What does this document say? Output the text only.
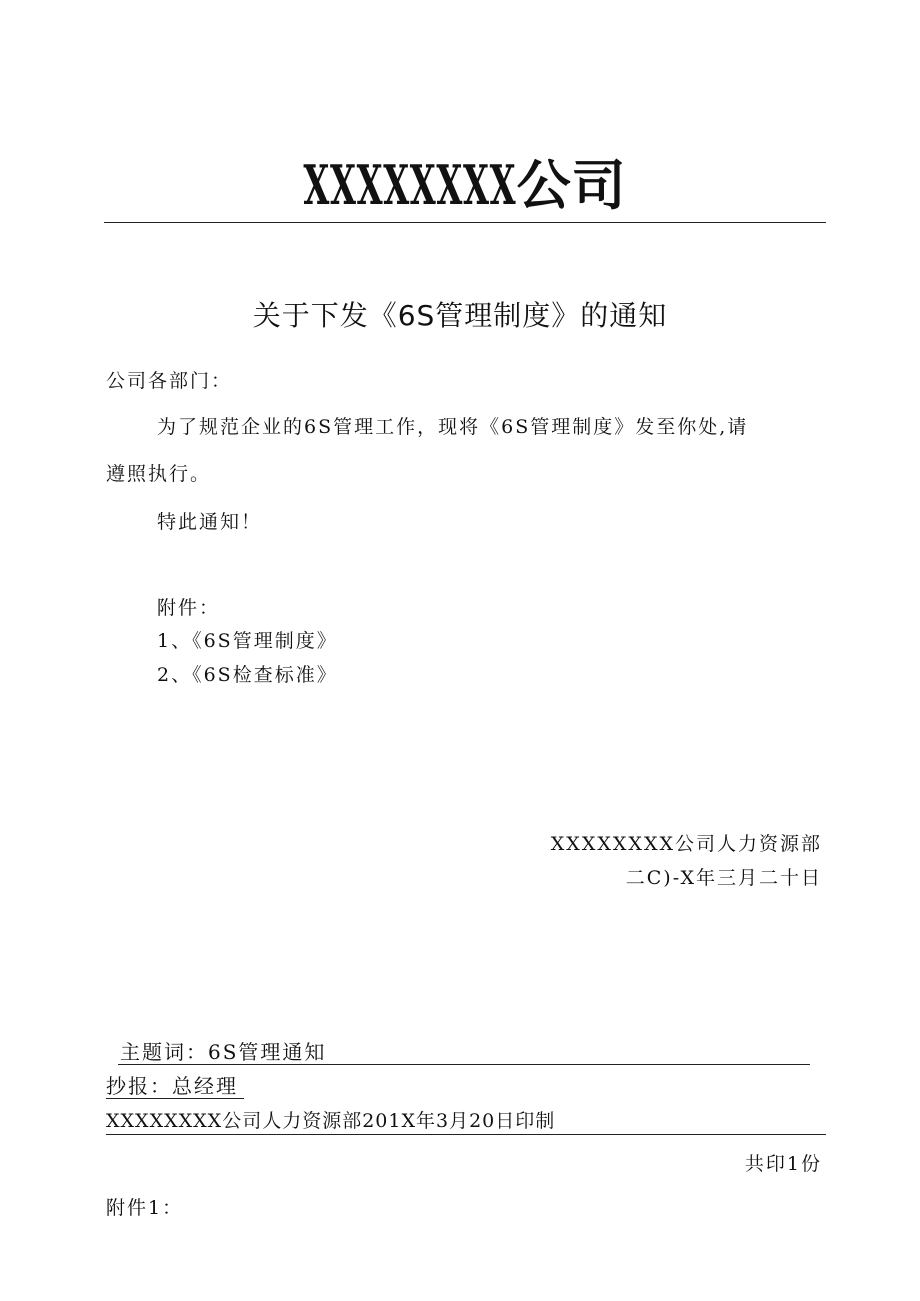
XXXXXXXX公司
关于下发《6S管理制度》的通知
公司各部门：
为了规范企业的6S管理工作，现将《6S管理制度》发至你处,请
遵照执行。
特此通知！
附件：
1、《6S管理制度》
2、《6S检查标准》
XXXXXXXX公司人力资源部
二C)-X年三月二十日
主题词：6S管理通知
抄报：总经理
XXXXXXXX公司人力资源部201X年3月20日印制
共印1份
附件1：
